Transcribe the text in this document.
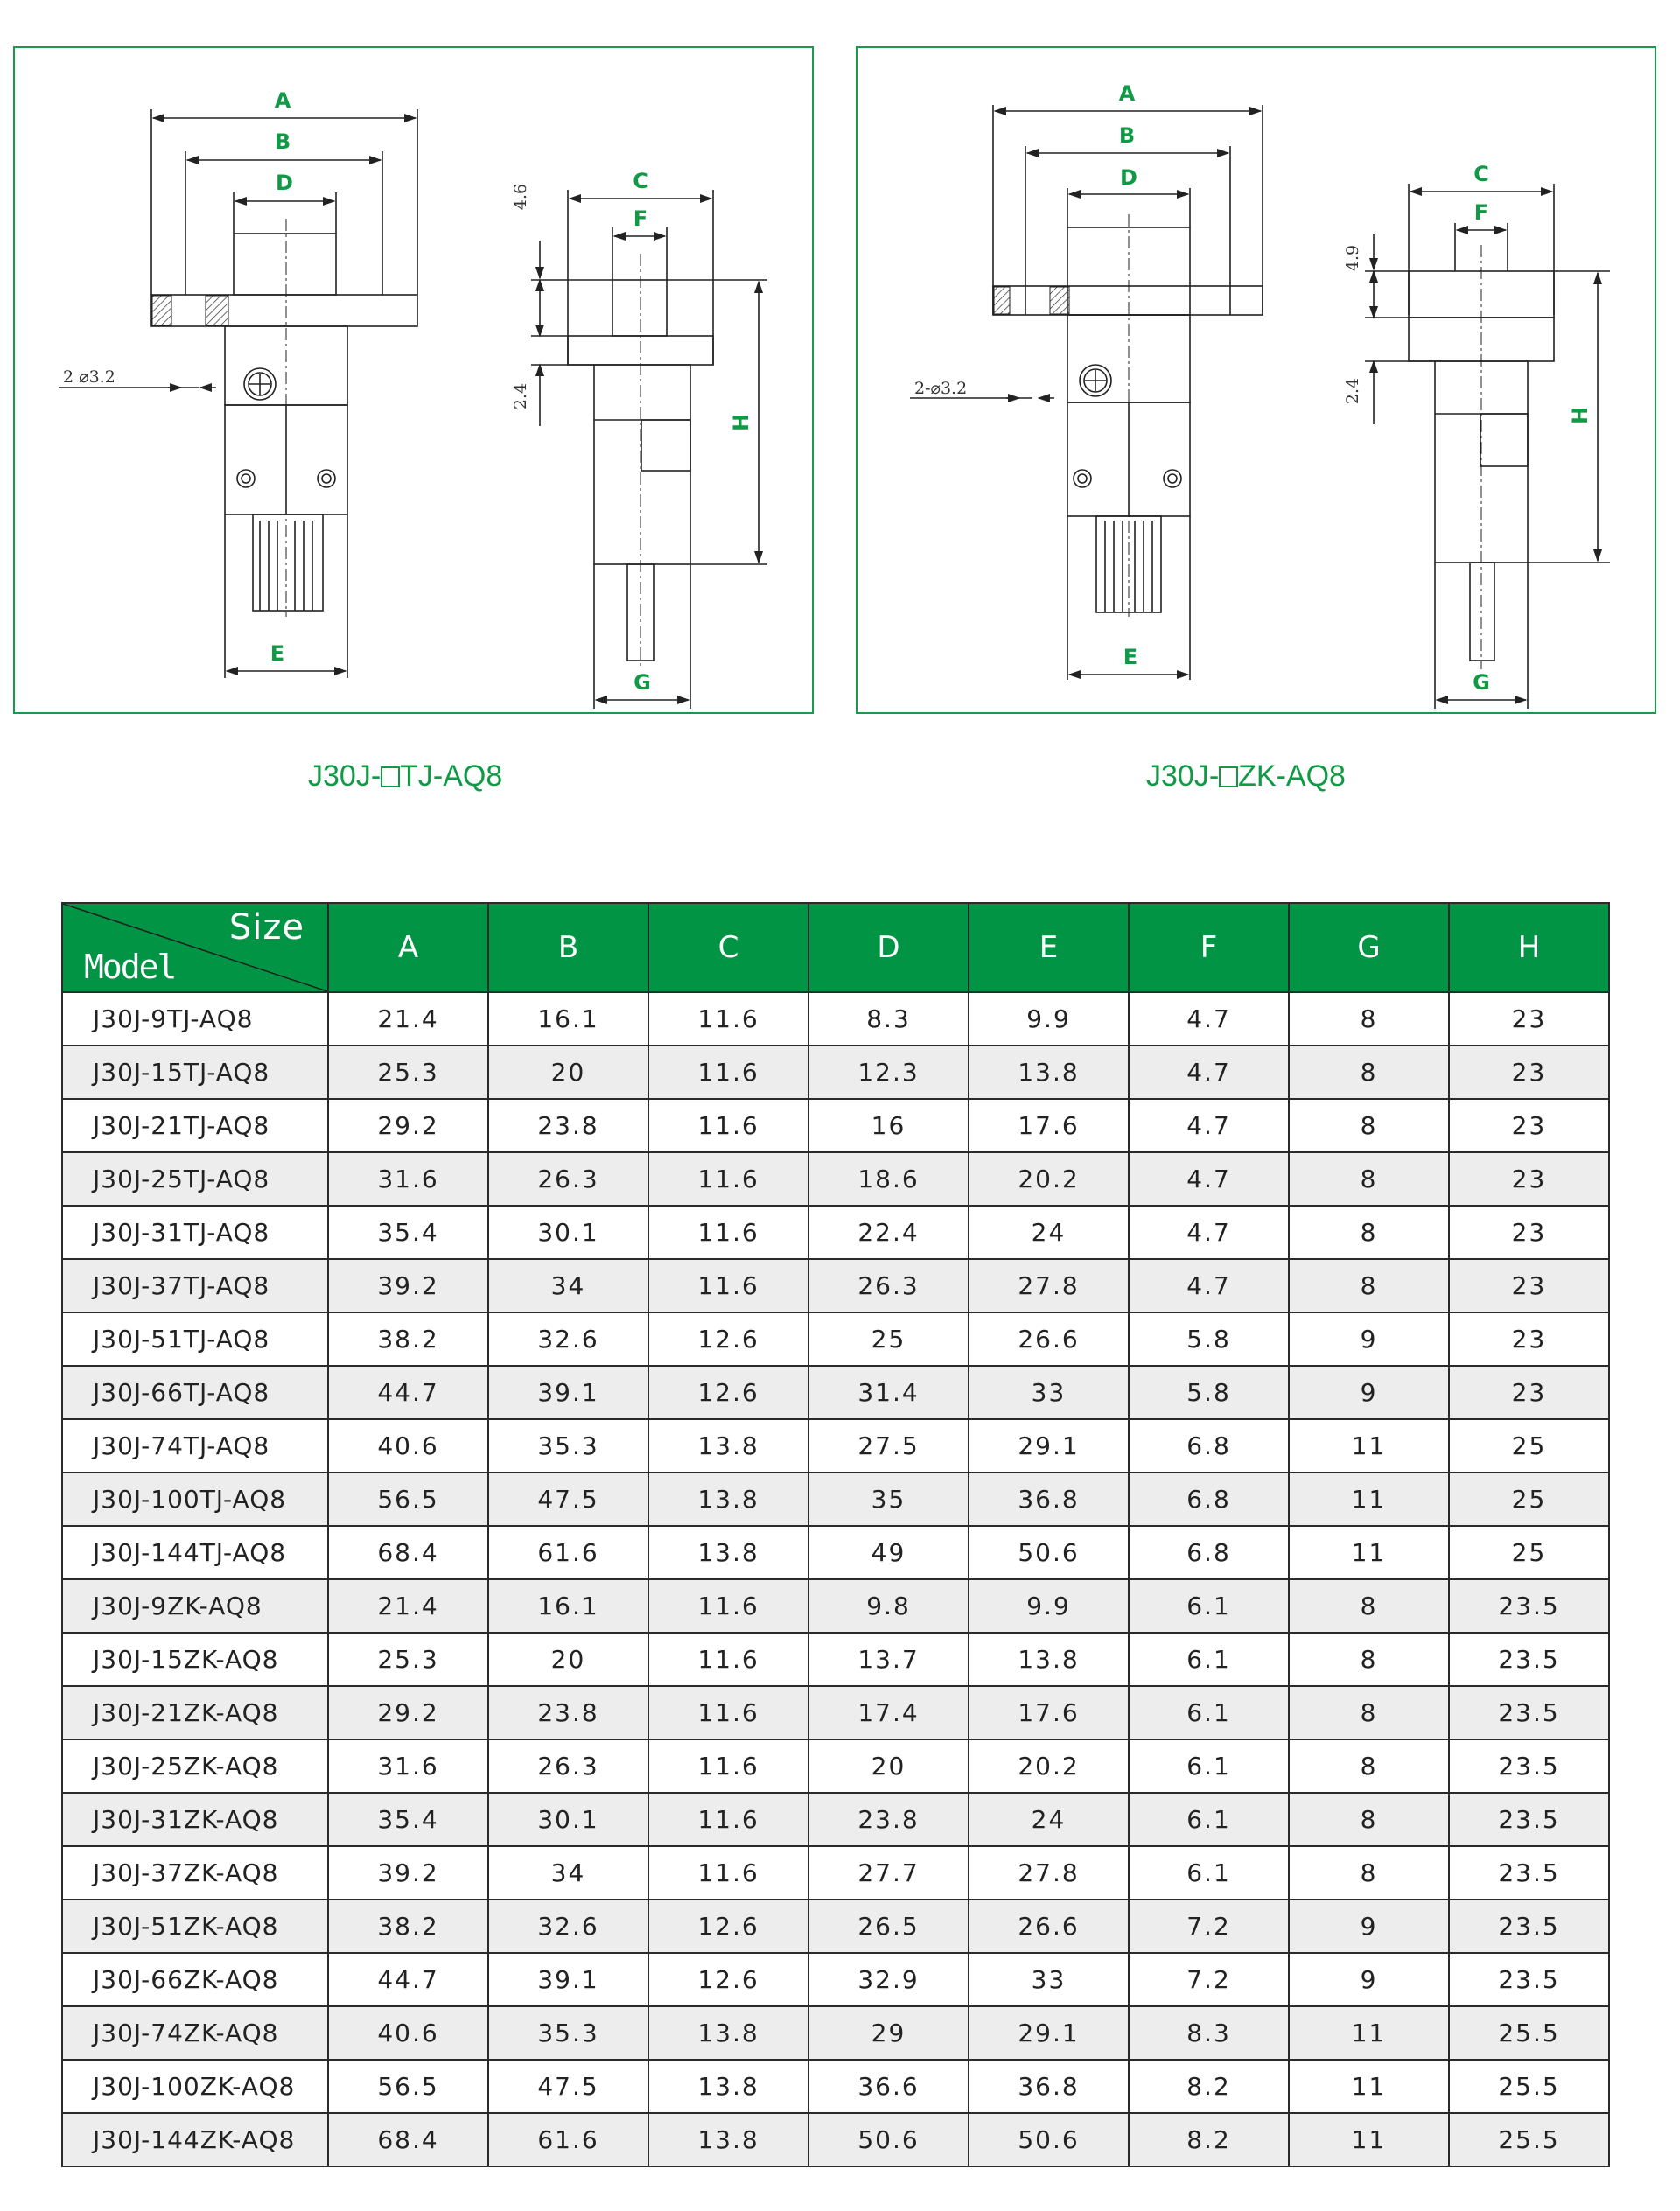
A
B
D
E
C
F
G
H
2 ⌀3.2
4.6
2.4
A
B
D
E
C
F
G
H
2-⌀3.2
4.9
2.4
J30J- TJ-AQ8	J30J- ZK-AQ8
Size
Model	A	B	C	D	E	F	G	H
J30J-9TJ-AQ8	21.4	16.1	11.6	8.3	9.9	4.7	8	23
J30J-15TJ-AQ8	25.3	20	11.6	12.3	13.8	4.7	8	23
J30J-21TJ-AQ8	29.2	23.8	11.6	16	17.6	4.7	8	23
J30J-25TJ-AQ8	31.6	26.3	11.6	18.6	20.2	4.7	8	23
J30J-31TJ-AQ8	35.4	30.1	11.6	22.4	24	4.7	8	23
J30J-37TJ-AQ8	39.2	34	11.6	26.3	27.8	4.7	8	23
J30J-51TJ-AQ8	38.2	32.6	12.6	25	26.6	5.8	9	23
J30J-66TJ-AQ8	44.7	39.1	12.6	31.4	33	5.8	9	23
J30J-74TJ-AQ8	40.6	35.3	13.8	27.5	29.1	6.8	11	25
J30J-100TJ-AQ8	56.5	47.5	13.8	35	36.8	6.8	11	25
J30J-144TJ-AQ8	68.4	61.6	13.8	49	50.6	6.8	11	25
J30J-9ZK-AQ8	21.4	16.1	11.6	9.8	9.9	6.1	8	23.5
J30J-15ZK-AQ8	25.3	20	11.6	13.7	13.8	6.1	8	23.5
J30J-21ZK-AQ8	29.2	23.8	11.6	17.4	17.6	6.1	8	23.5
J30J-25ZK-AQ8	31.6	26.3	11.6	20	20.2	6.1	8	23.5
J30J-31ZK-AQ8	35.4	30.1	11.6	23.8	24	6.1	8	23.5
J30J-37ZK-AQ8	39.2	34	11.6	27.7	27.8	6.1	8	23.5
J30J-51ZK-AQ8	38.2	32.6	12.6	26.5	26.6	7.2	9	23.5
J30J-66ZK-AQ8	44.7	39.1	12.6	32.9	33	7.2	9	23.5
J30J-74ZK-AQ8	40.6	35.3	13.8	29	29.1	8.3	11	25.5
J30J-100ZK-AQ8	56.5	47.5	13.8	36.6	36.8	8.2	11	25.5
J30J-144ZK-AQ8	68.4	61.6	13.8	50.6	50.6	8.2	11	25.5
